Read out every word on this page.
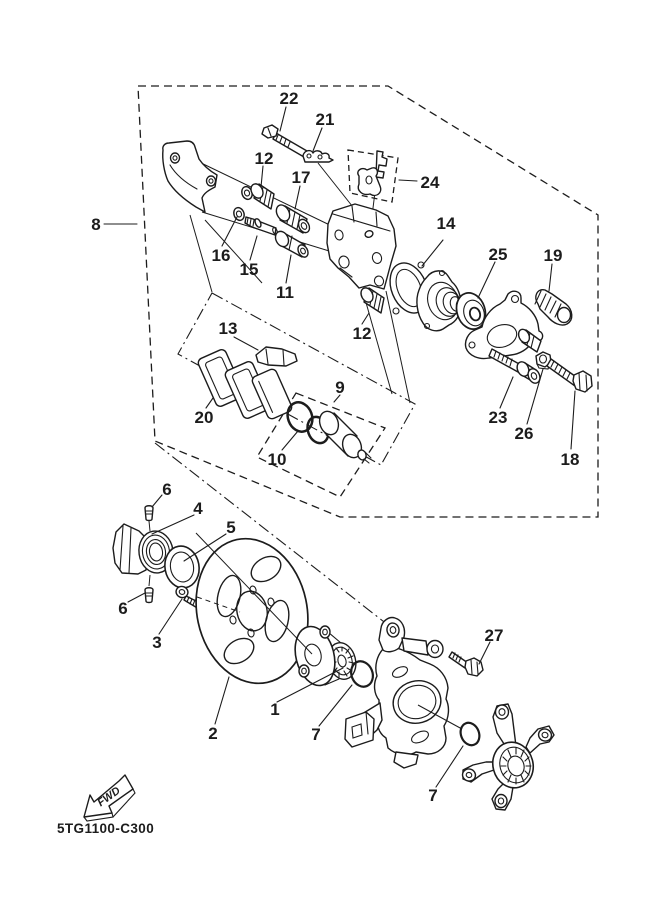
22
21
12
17	24
8	14
16
15
25 19
11
13	12
9
20
10
23
26
18
6
4
5
6
3	27
1
2	7
7
FWD
5TG1100-C300
